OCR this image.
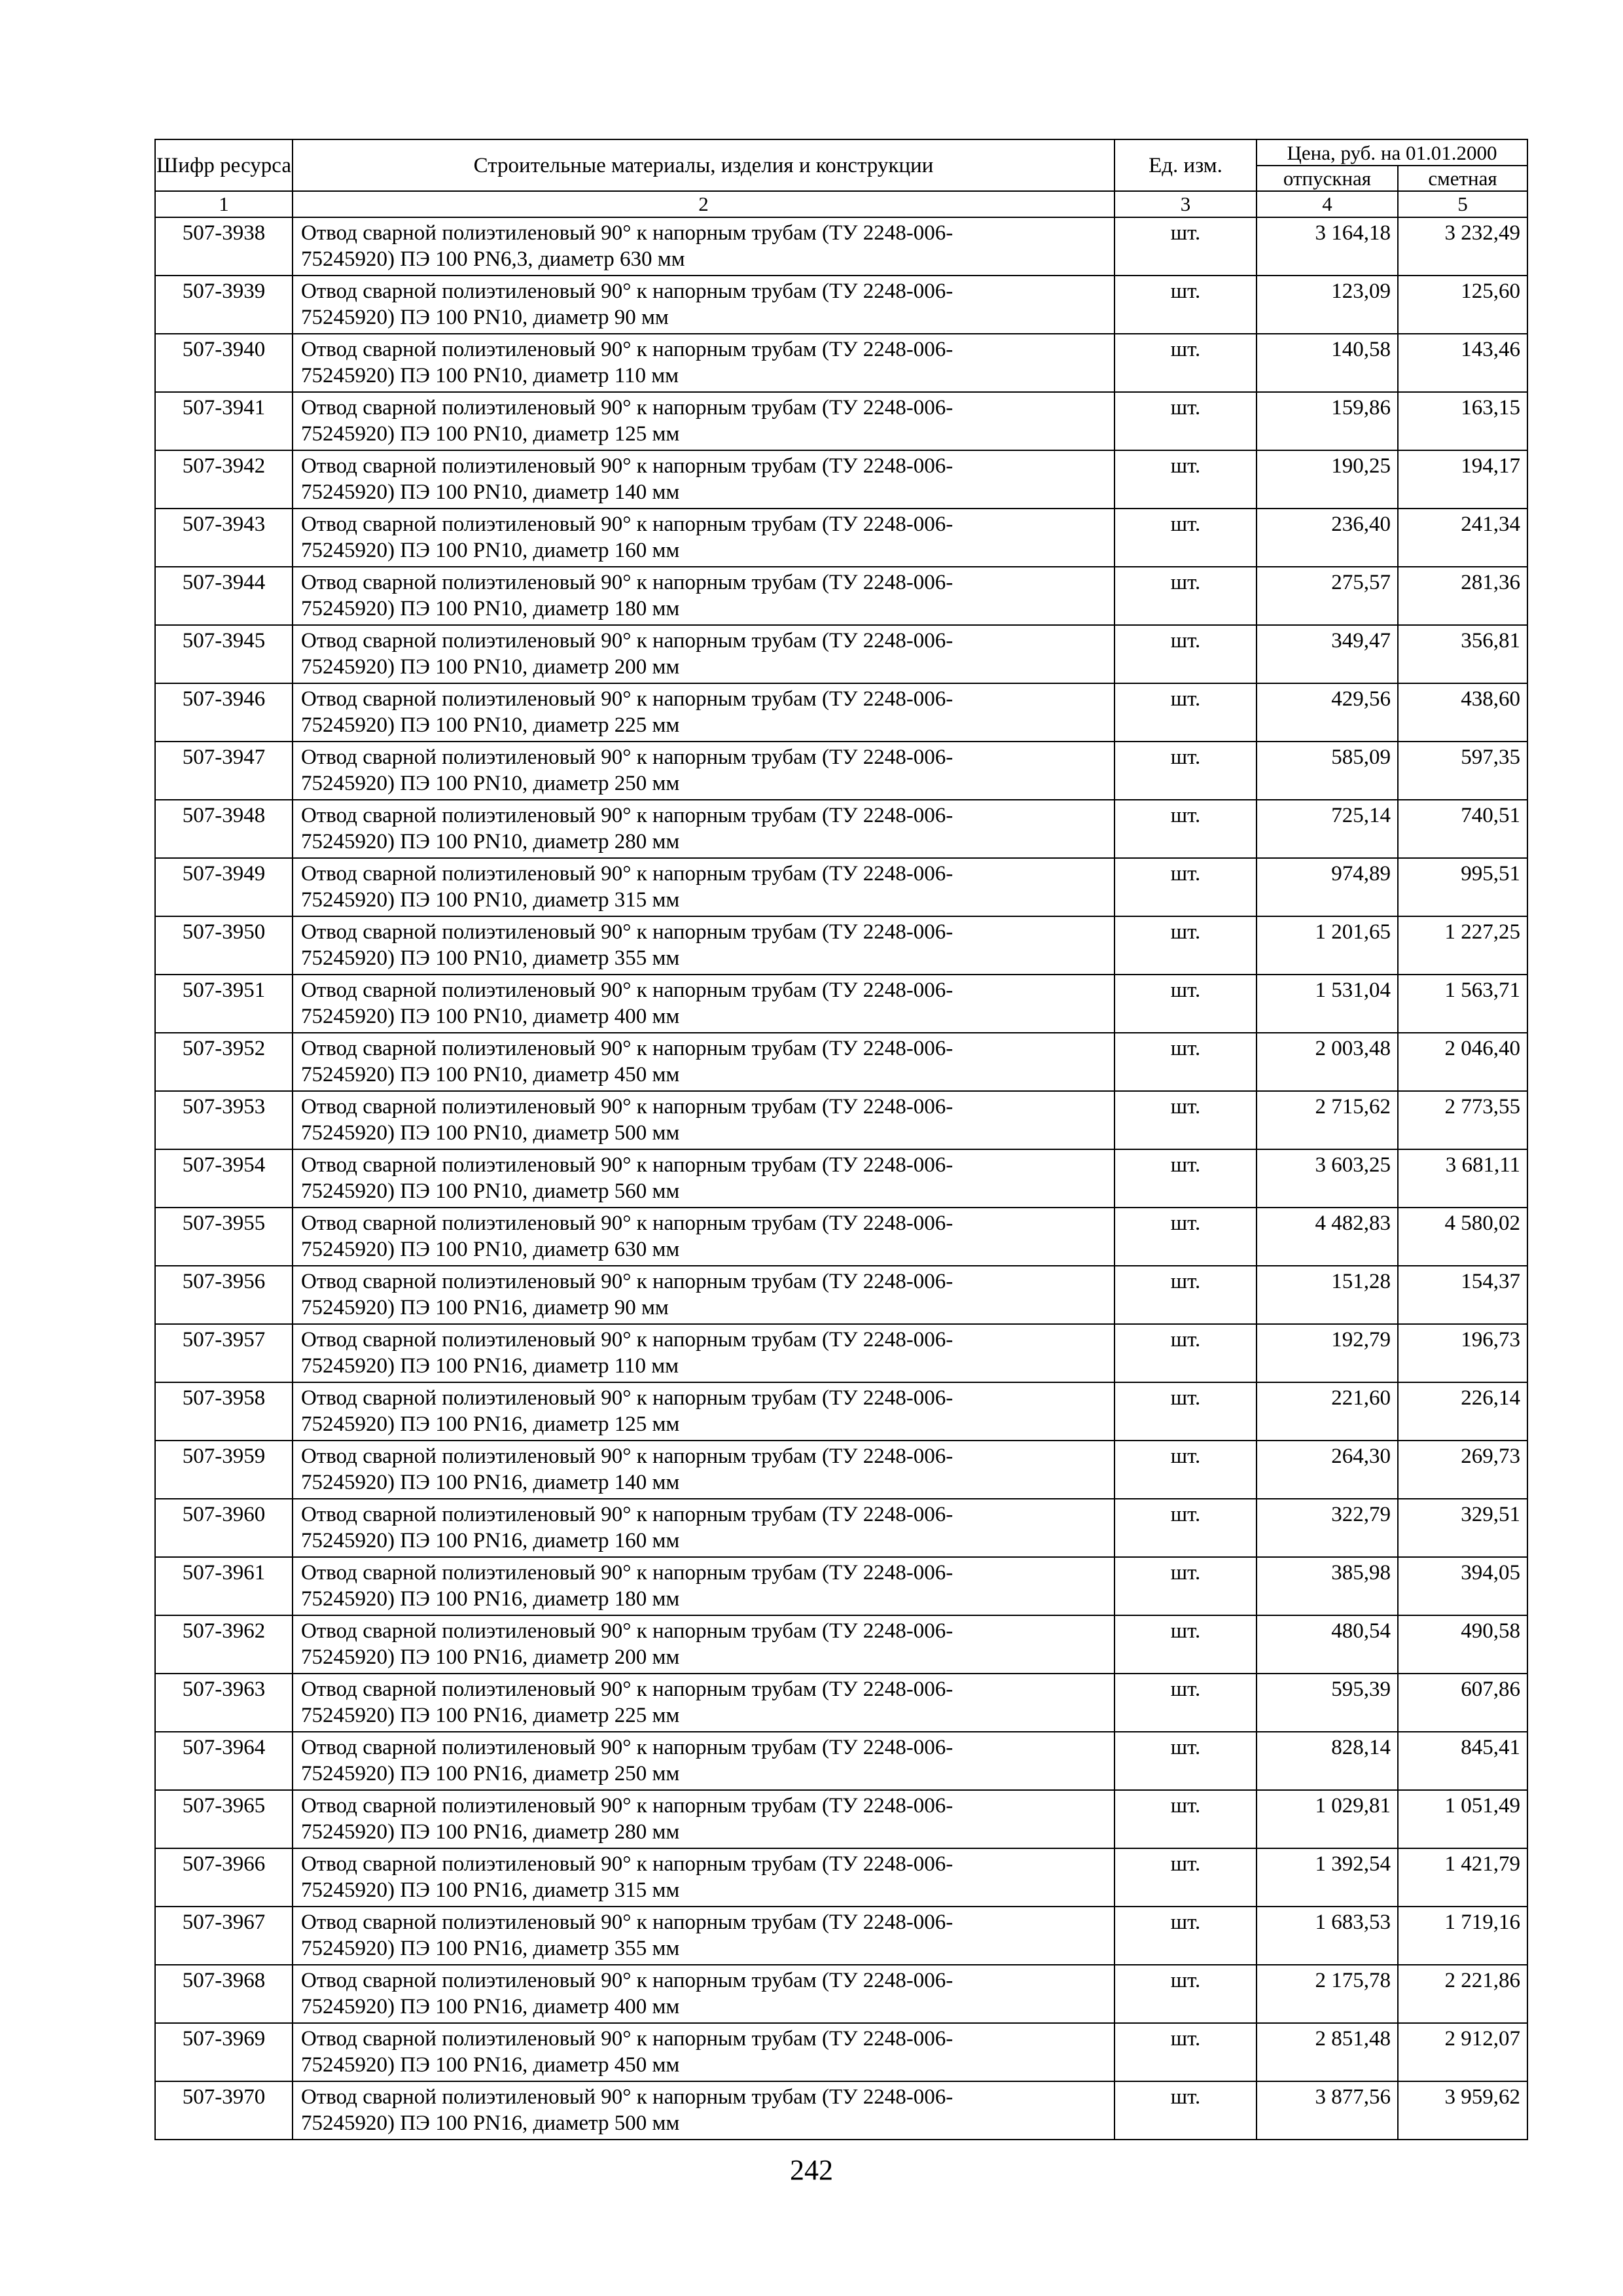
Шифр ресурса	Строительные материалы, изделия и конструкции	Ед. изм.	Цена, руб. на 01.01.2000	
			отпускная	сметная
1	2	3	4	5
507-3938	Отвод сварной полиэтиленовый 90° к напорным трубам (ТУ 2248-006-
75245920) ПЭ 100 PN6,3, диаметр 630 мм	шт.	3 164,18	3 232,49
507-3939	Отвод сварной полиэтиленовый 90° к напорным трубам (ТУ 2248-006-
75245920) ПЭ 100 PN10, диаметр 90 мм	шт.	123,09	125,60
507-3940	Отвод сварной полиэтиленовый 90° к напорным трубам (ТУ 2248-006-
75245920) ПЭ 100 PN10, диаметр 110 мм	шт.	140,58	143,46
507-3941	Отвод сварной полиэтиленовый 90° к напорным трубам (ТУ 2248-006-
75245920) ПЭ 100 PN10, диаметр 125 мм	шт.	159,86	163,15
507-3942	Отвод сварной полиэтиленовый 90° к напорным трубам (ТУ 2248-006-
75245920) ПЭ 100 PN10, диаметр 140 мм	шт.	190,25	194,17
507-3943	Отвод сварной полиэтиленовый 90° к напорным трубам (ТУ 2248-006-
75245920) ПЭ 100 PN10, диаметр 160 мм	шт.	236,40	241,34
507-3944	Отвод сварной полиэтиленовый 90° к напорным трубам (ТУ 2248-006-
75245920) ПЭ 100 PN10, диаметр 180 мм	шт.	275,57	281,36
507-3945	Отвод сварной полиэтиленовый 90° к напорным трубам (ТУ 2248-006-
75245920) ПЭ 100 PN10, диаметр 200 мм	шт.	349,47	356,81
507-3946	Отвод сварной полиэтиленовый 90° к напорным трубам (ТУ 2248-006-
75245920) ПЭ 100 PN10, диаметр 225 мм	шт.	429,56	438,60
507-3947	Отвод сварной полиэтиленовый 90° к напорным трубам (ТУ 2248-006-
75245920) ПЭ 100 PN10, диаметр 250 мм	шт.	585,09	597,35
507-3948	Отвод сварной полиэтиленовый 90° к напорным трубам (ТУ 2248-006-
75245920) ПЭ 100 PN10, диаметр 280 мм	шт.	725,14	740,51
507-3949	Отвод сварной полиэтиленовый 90° к напорным трубам (ТУ 2248-006-
75245920) ПЭ 100 PN10, диаметр 315 мм	шт.	974,89	995,51
507-3950	Отвод сварной полиэтиленовый 90° к напорным трубам (ТУ 2248-006-
75245920) ПЭ 100 PN10, диаметр 355 мм	шт.	1 201,65	1 227,25
507-3951	Отвод сварной полиэтиленовый 90° к напорным трубам (ТУ 2248-006-
75245920) ПЭ 100 PN10, диаметр 400 мм	шт.	1 531,04	1 563,71
507-3952	Отвод сварной полиэтиленовый 90° к напорным трубам (ТУ 2248-006-
75245920) ПЭ 100 PN10, диаметр 450 мм	шт.	2 003,48	2 046,40
507-3953	Отвод сварной полиэтиленовый 90° к напорным трубам (ТУ 2248-006-
75245920) ПЭ 100 PN10, диаметр 500 мм	шт.	2 715,62	2 773,55
507-3954	Отвод сварной полиэтиленовый 90° к напорным трубам (ТУ 2248-006-
75245920) ПЭ 100 PN10, диаметр 560 мм	шт.	3 603,25	3 681,11
507-3955	Отвод сварной полиэтиленовый 90° к напорным трубам (ТУ 2248-006-
75245920) ПЭ 100 PN10, диаметр 630 мм	шт.	4 482,83	4 580,02
507-3956	Отвод сварной полиэтиленовый 90° к напорным трубам (ТУ 2248-006-
75245920) ПЭ 100 PN16, диаметр 90 мм	шт.	151,28	154,37
507-3957	Отвод сварной полиэтиленовый 90° к напорным трубам (ТУ 2248-006-
75245920) ПЭ 100 PN16, диаметр 110 мм	шт.	192,79	196,73
507-3958	Отвод сварной полиэтиленовый 90° к напорным трубам (ТУ 2248-006-
75245920) ПЭ 100 PN16, диаметр 125 мм	шт.	221,60	226,14
507-3959	Отвод сварной полиэтиленовый 90° к напорным трубам (ТУ 2248-006-
75245920) ПЭ 100 PN16, диаметр 140 мм	шт.	264,30	269,73
507-3960	Отвод сварной полиэтиленовый 90° к напорным трубам (ТУ 2248-006-
75245920) ПЭ 100 PN16, диаметр 160 мм	шт.	322,79	329,51
507-3961	Отвод сварной полиэтиленовый 90° к напорным трубам (ТУ 2248-006-
75245920) ПЭ 100 PN16, диаметр 180 мм	шт.	385,98	394,05
507-3962	Отвод сварной полиэтиленовый 90° к напорным трубам (ТУ 2248-006-
75245920) ПЭ 100 PN16, диаметр 200 мм	шт.	480,54	490,58
507-3963	Отвод сварной полиэтиленовый 90° к напорным трубам (ТУ 2248-006-
75245920) ПЭ 100 PN16, диаметр 225 мм	шт.	595,39	607,86
507-3964	Отвод сварной полиэтиленовый 90° к напорным трубам (ТУ 2248-006-
75245920) ПЭ 100 PN16, диаметр 250 мм	шт.	828,14	845,41
507-3965	Отвод сварной полиэтиленовый 90° к напорным трубам (ТУ 2248-006-
75245920) ПЭ 100 PN16, диаметр 280 мм	шт.	1 029,81	1 051,49
507-3966	Отвод сварной полиэтиленовый 90° к напорным трубам (ТУ 2248-006-
75245920) ПЭ 100 PN16, диаметр 315 мм	шт.	1 392,54	1 421,79
507-3967	Отвод сварной полиэтиленовый 90° к напорным трубам (ТУ 2248-006-
75245920) ПЭ 100 PN16, диаметр 355 мм	шт.	1 683,53	1 719,16
507-3968	Отвод сварной полиэтиленовый 90° к напорным трубам (ТУ 2248-006-
75245920) ПЭ 100 PN16, диаметр 400 мм	шт.	2 175,78	2 221,86
507-3969	Отвод сварной полиэтиленовый 90° к напорным трубам (ТУ 2248-006-
75245920) ПЭ 100 PN16, диаметр 450 мм	шт.	2 851,48	2 912,07
507-3970	Отвод сварной полиэтиленовый 90° к напорным трубам (ТУ 2248-006-
75245920) ПЭ 100 PN16, диаметр 500 мм	шт.	3 877,56	3 959,62
242
